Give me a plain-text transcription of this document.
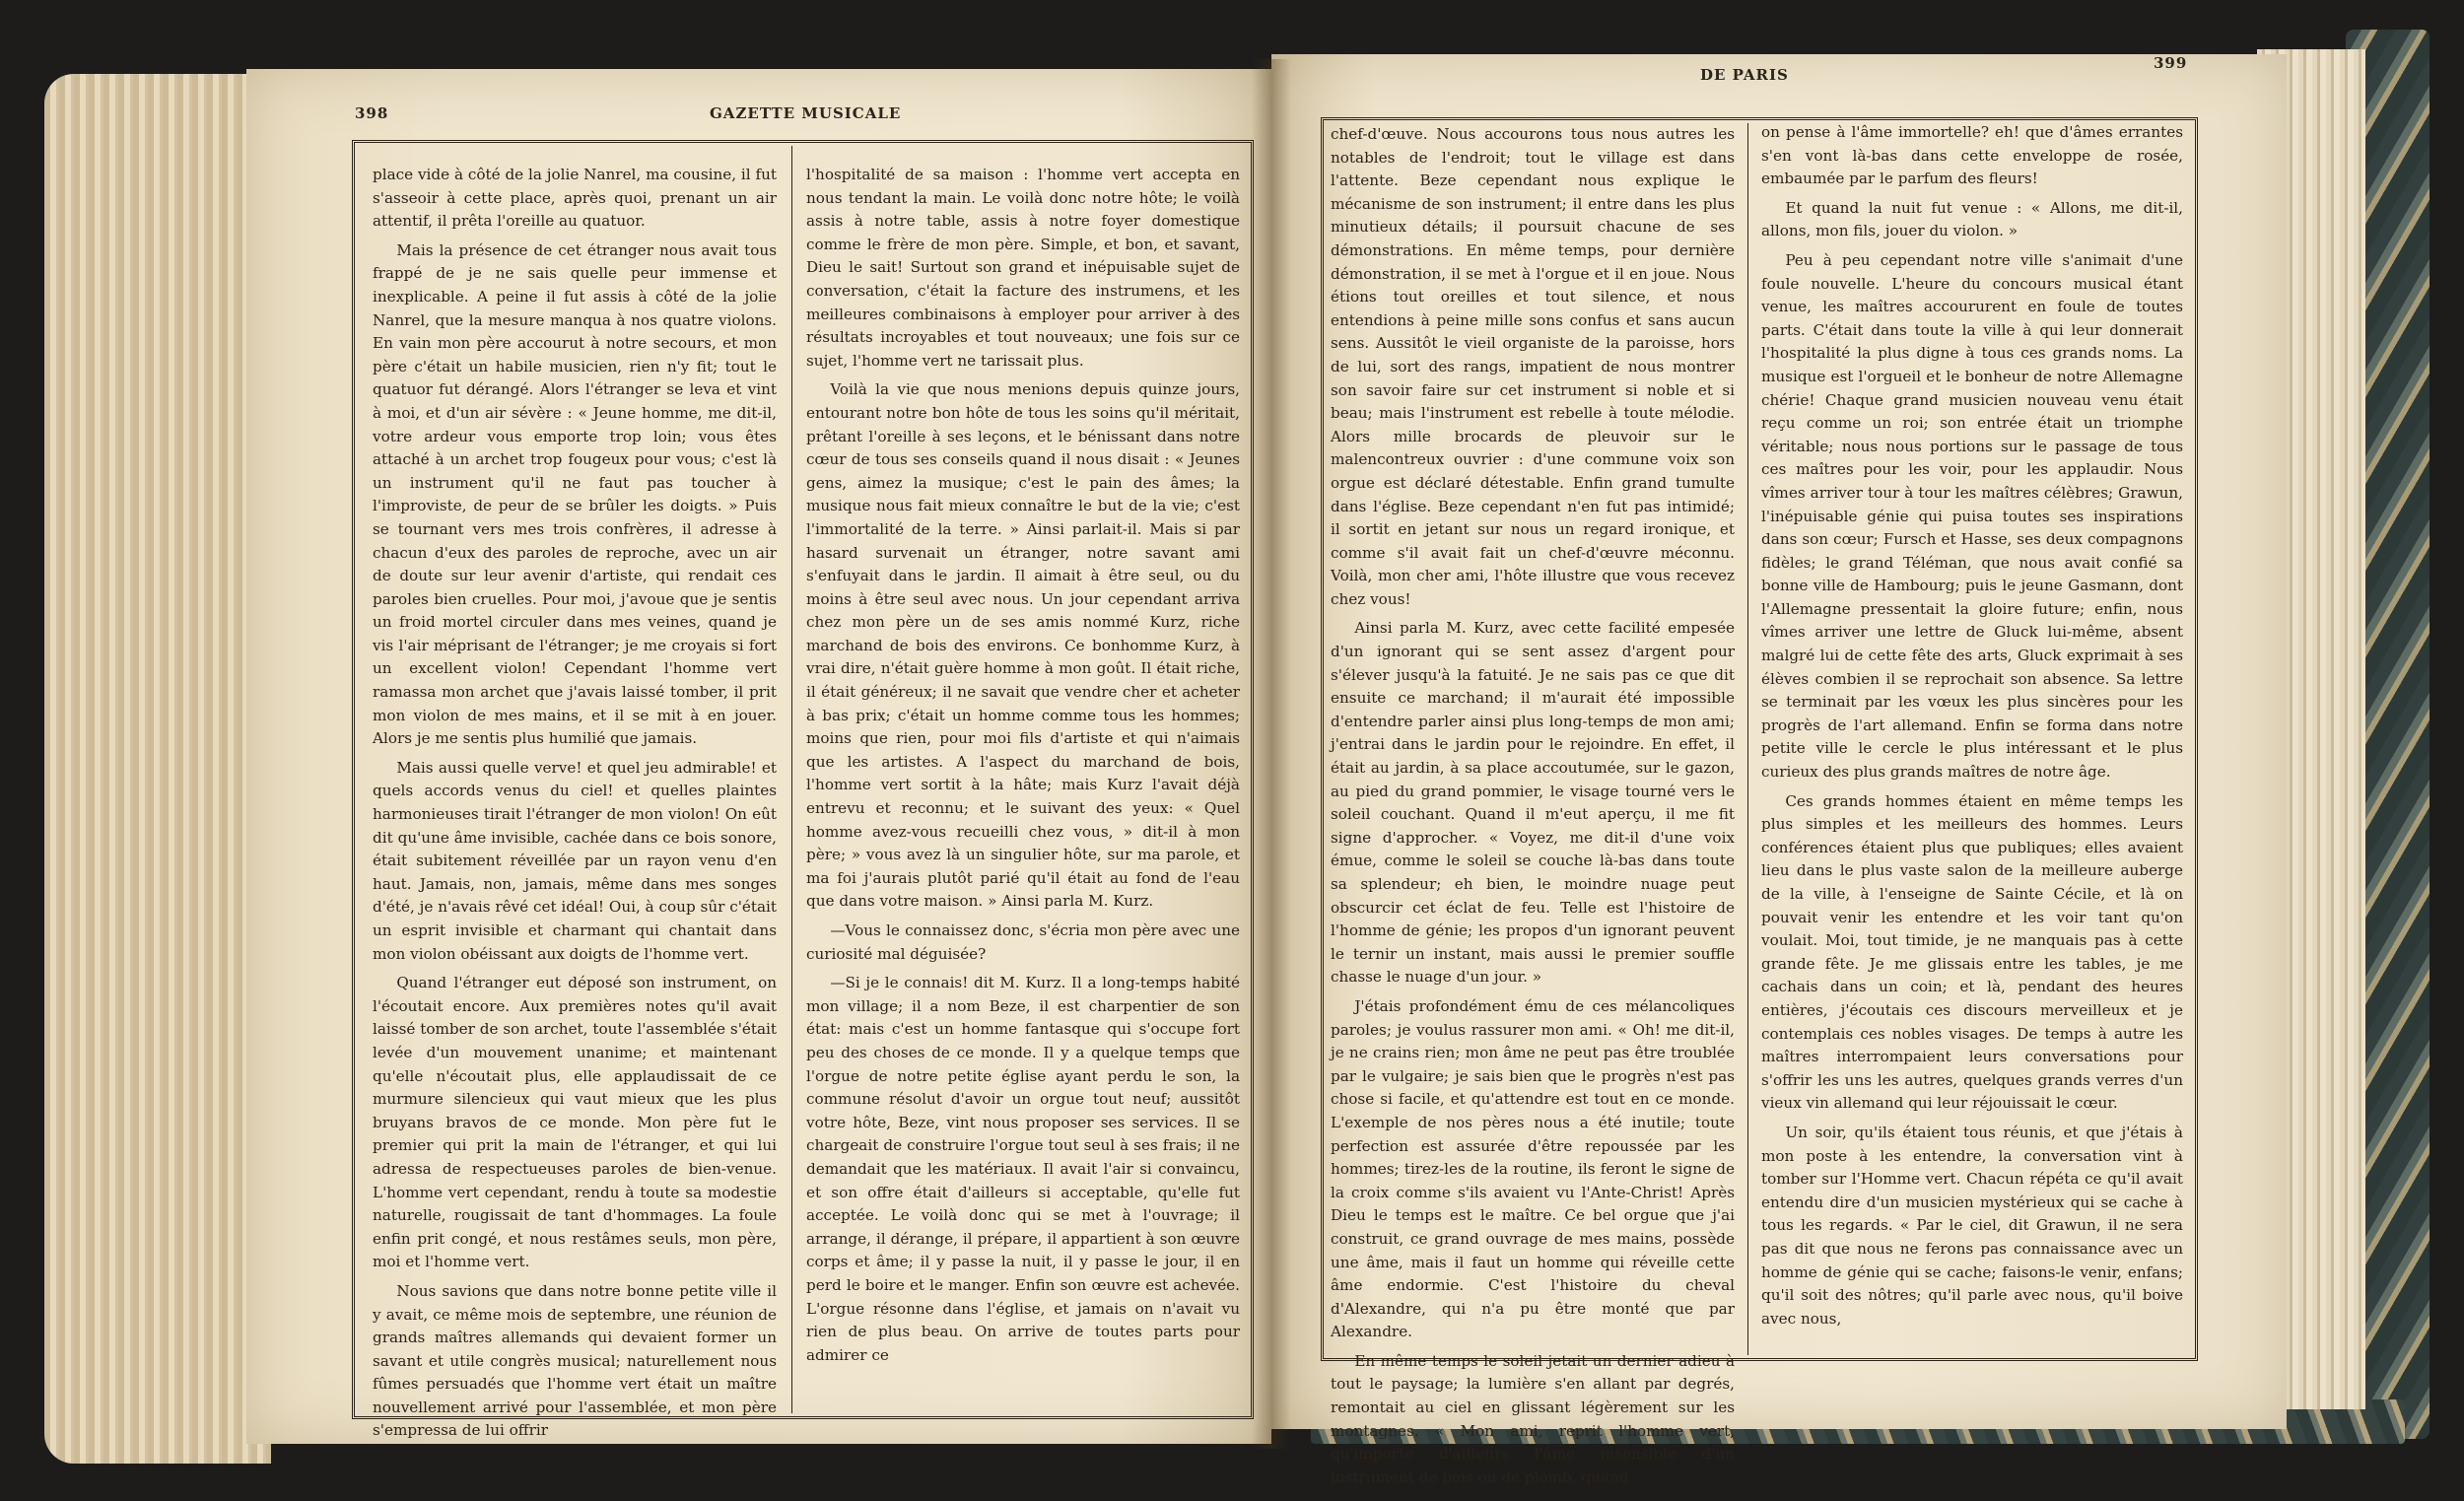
398	GAZETTE MUSICALE

place vide à côté de la jolie Nanrel, ma cousine, il fut s'asseoir à cette place, après quoi, prenant un air attentif, il prêta l'oreille au quatuor.

Mais la présence de cet étranger nous avait tous frappé de je ne sais quelle peur immense et inexplicable. A peine il fut assis à côté de la jolie Nanrel, que la mesure manqua à nos quatre violons. En vain mon père accourut à notre secours, et mon père c'était un habile musicien, rien n'y fit; tout le quatuor fut dérangé. Alors l'étranger se leva et vint à moi, et d'un air sévère : « Jeune homme, me dit-il, votre ardeur vous emporte trop loin; vous êtes attaché à un archet trop fougeux pour vous; c'est là un instrument qu'il ne faut pas toucher à l'improviste, de peur de se brûler les doigts. » Puis se tournant vers mes trois confrères, il adresse à chacun d'eux des paroles de reproche, avec un air de doute sur leur avenir d'artiste, qui rendait ces paroles bien cruelles. Pour moi, j'avoue que je sentis un froid mortel circuler dans mes veines, quand je vis l'air méprisant de l'étranger; je me croyais si fort un excellent violon! Cependant l'homme vert ramassa mon archet que j'avais laissé tomber, il prit mon violon de mes mains, et il se mit à en jouer. Alors je me sentis plus humilié que jamais.

Mais aussi quelle verve! et quel jeu admirable! et quels accords venus du ciel! et quelles plaintes harmonieuses tirait l'étranger de mon violon! On eût dit qu'une âme invisible, cachée dans ce bois sonore, était subitement réveillée par un rayon venu d'en haut. Jamais, non, jamais, même dans mes songes d'été, je n'avais rêvé cet idéal! Oui, à coup sûr c'était un esprit invisible et charmant qui chantait dans mon violon obéissant aux doigts de l'homme vert.

Quand l'étranger eut déposé son instrument, on l'écoutait encore. Aux premières notes qu'il avait laissé tomber de son archet, toute l'assemblée s'était levée d'un mouvement unanime; et maintenant qu'elle n'écoutait plus, elle applaudissait de ce murmure silencieux qui vaut mieux que les plus bruyans bravos de ce monde. Mon père fut le premier qui prit la main de l'étranger, et qui lui adressa de respectueuses paroles de bien-venue. L'homme vert cependant, rendu à toute sa modestie naturelle, rougissait de tant d'hommages. La foule enfin prit congé, et nous restâmes seuls, mon père, moi et l'homme vert.

Nous savions que dans notre bonne petite ville il y avait, ce même mois de septembre, une réunion de grands maîtres allemands qui devaient former un savant et utile congrès musical; naturellement nous fûmes persuadés que l'homme vert était un maître nouvellement arrivé pour l'assemblée, et mon père s'empressa de lui offrir

l'hospitalité de sa maison : l'homme vert accepta en nous tendant la main. Le voilà donc notre hôte; le voilà assis à notre table, assis à notre foyer domestique comme le frère de mon père. Simple, et bon, et savant, Dieu le sait! Surtout son grand et inépuisable sujet de conversation, c'était la facture des instrumens, et les meilleures combinaisons à employer pour arriver à des résultats incroyables et tout nouveaux; une fois sur ce sujet, l'homme vert ne tarissait plus.

Voilà la vie que nous menions depuis quinze jours, entourant notre bon hôte de tous les soins qu'il méritait, prêtant l'oreille à ses leçons, et le bénissant dans notre cœur de tous ses conseils quand il nous disait : « Jeunes gens, aimez la musique; c'est le pain des âmes; la musique nous fait mieux connaître le but de la vie; c'est l'immortalité de la terre. » Ainsi parlait-il. Mais si par hasard survenait un étranger, notre savant ami s'enfuyait dans le jardin. Il aimait à être seul, ou du moins à être seul avec nous. Un jour cependant arriva chez mon père un de ses amis nommé Kurz, riche marchand de bois des environs. Ce bonhomme Kurz, à vrai dire, n'était guère homme à mon goût. Il était riche, il était généreux; il ne savait que vendre cher et acheter à bas prix; c'était un homme comme tous les hommes; moins que rien, pour moi fils d'artiste et qui n'aimais que les artistes. A l'aspect du marchand de bois, l'homme vert sortit à la hâte; mais Kurz l'avait déjà entrevu et reconnu; et le suivant des yeux: « Quel homme avez-vous recueilli chez vous, » dit-il à mon père; » vous avez là un singulier hôte, sur ma parole, et ma foi j'aurais plutôt parié qu'il était au fond de l'eau que dans votre maison. » Ainsi parla M. Kurz.

—Vous le connaissez donc, s'écria mon père avec une curiosité mal déguisée?

—Si je le connais! dit M. Kurz. Il a long-temps habité mon village; il a nom Beze, il est charpentier de son état: mais c'est un homme fantasque qui s'occupe fort peu des choses de ce monde. Il y a quelque temps que l'orgue de notre petite église ayant perdu le son, la commune résolut d'avoir un orgue tout neuf; aussitôt votre hôte, Beze, vint nous proposer ses services. Il se chargeait de construire l'orgue tout seul à ses frais; il ne demandait que les matériaux. Il avait l'air si convaincu, et son offre était d'ailleurs si acceptable, qu'elle fut acceptée. Le voilà donc qui se met à l'ouvrage; il arrange, il dérange, il prépare, il appartient à son œuvre corps et âme; il y passe la nuit, il y passe le jour, il en perd le boire et le manger. Enfin son œuvre est achevée. L'orgue résonne dans l'église, et jamais on n'avait vu rien de plus beau. On arrive de toutes parts pour admirer ce

DE PARIS
399

chef-d'œuve. Nous accourons tous nous autres les notables de l'endroit; tout le village est dans l'attente. Beze cependant nous explique le mécanisme de son instrument; il entre dans les plus minutieux détails; il poursuit chacune de ses démonstrations. En même temps, pour dernière démonstration, il se met à l'orgue et il en joue. Nous étions tout oreilles et tout silence, et nous entendions à peine mille sons confus et sans aucun sens. Aussitôt le vieil organiste de la paroisse, hors de lui, sort des rangs, impatient de nous montrer son savoir faire sur cet instrument si noble et si beau; mais l'instrument est rebelle à toute mélodie. Alors mille brocards de pleuvoir sur le malencontreux ouvrier : d'une commune voix son orgue est déclaré détestable. Enfin grand tumulte dans l'église. Beze cependant n'en fut pas intimidé; il sortit en jetant sur nous un regard ironique, et comme s'il avait fait un chef-d'œuvre méconnu. Voilà, mon cher ami, l'hôte illustre que vous recevez chez vous!

Ainsi parla M. Kurz, avec cette facilité empesée d'un ignorant qui se sent assez d'argent pour s'élever jusqu'à la fatuité. Je ne sais pas ce que dit ensuite ce marchand; il m'aurait été impossible d'entendre parler ainsi plus long-temps de mon ami; j'entrai dans le jardin pour le rejoindre. En effet, il était au jardin, à sa place accoutumée, sur le gazon, au pied du grand pommier, le visage tourné vers le soleil couchant. Quand il m'eut aperçu, il me fit signe d'approcher. « Voyez, me dit-il d'une voix émue, comme le soleil se couche là-bas dans toute sa splendeur; eh bien, le moindre nuage peut obscurcir cet éclat de feu. Telle est l'histoire de l'homme de génie; les propos d'un ignorant peuvent le ternir un instant, mais aussi le premier souffle chasse le nuage d'un jour. »

J'étais profondément ému de ces mélancoliques paroles; je voulus rassurer mon ami. « Oh! me dit-il, je ne crains rien; mon âme ne peut pas être troublée par le vulgaire; je sais bien que le progrès n'est pas chose si facile, et qu'attendre est tout en ce monde. L'exemple de nos pères nous a été inutile; toute perfection est assurée d'être repoussée par les hommes; tirez-les de la routine, ils feront le signe de la croix comme s'ils avaient vu l'Ante-Christ! Après Dieu le temps est le maître. Ce bel orgue que j'ai construit, ce grand ouvrage de mes mains, possède une âme, mais il faut un homme qui réveille cette âme endormie. C'est l'histoire du cheval d'Alexandre, qui n'a pu être monté que par Alexandre.

En même temps le soleil jetait un dernier adieu à tout le paysage; la lumière s'en allant par degrés, remontait au ciel en glissant légèrement sur les montagnes. « Mon ami, reprit l'homme vert, qu'importe d'ailleurs l'âme insensible d'un instrument de bois ou de plomb, quand

on pense à l'âme immortelle? eh! que d'âmes errantes s'en vont là-bas dans cette enveloppe de rosée, embaumée par le parfum des fleurs!

Et quand la nuit fut venue : « Allons, me dit-il, allons, mon fils, jouer du violon. »

Peu à peu cependant notre ville s'animait d'une foule nouvelle. L'heure du concours musical étant venue, les maîtres accoururent en foule de toutes parts. C'était dans toute la ville à qui leur donnerait l'hospitalité la plus digne à tous ces grands noms. La musique est l'orgueil et le bonheur de notre Allemagne chérie! Chaque grand musicien nouveau venu était reçu comme un roi; son entrée était un triomphe véritable; nous nous portions sur le passage de tous ces maîtres pour les voir, pour les applaudir. Nous vîmes arriver tour à tour les maîtres célèbres; Grawun, l'inépuisable génie qui puisa toutes ses inspirations dans son cœur; Fursch et Hasse, ses deux compagnons fidèles; le grand Téléman, que nous avait confié sa bonne ville de Hambourg; puis le jeune Gasmann, dont l'Allemagne pressentait la gloire future; enfin, nous vîmes arriver une lettre de Gluck lui-même, absent malgré lui de cette fête des arts, Gluck exprimait à ses élèves combien il se reprochait son absence. Sa lettre se terminait par les vœux les plus sincères pour les progrès de l'art allemand. Enfin se forma dans notre petite ville le cercle le plus intéressant et le plus curieux des plus grands maîtres de notre âge.

Ces grands hommes étaient en même temps les plus simples et les meilleurs des hommes. Leurs conférences étaient plus que publiques; elles avaient lieu dans le plus vaste salon de la meilleure auberge de la ville, à l'enseigne de Sainte Cécile, et là on pouvait venir les entendre et les voir tant qu'on voulait. Moi, tout timide, je ne manquais pas à cette grande fête. Je me glissais entre les tables, je me cachais dans un coin; et là, pendant des heures entières, j'écoutais ces discours merveilleux et je contemplais ces nobles visages. De temps à autre les maîtres interrompaient leurs conversations pour s'offrir les uns les autres, quelques grands verres d'un vieux vin allemand qui leur réjouissait le cœur.

Un soir, qu'ils étaient tous réunis, et que j'étais à mon poste à les entendre, la conversation vint à tomber sur l'Homme vert. Chacun répéta ce qu'il avait entendu dire d'un musicien mystérieux qui se cache à tous les regards. « Par le ciel, dit Grawun, il ne sera pas dit que nous ne ferons pas connaissance avec un homme de génie qui se cache; faisons-le venir, enfans; qu'il soit des nôtres; qu'il parle avec nous, qu'il boive avec nous,
